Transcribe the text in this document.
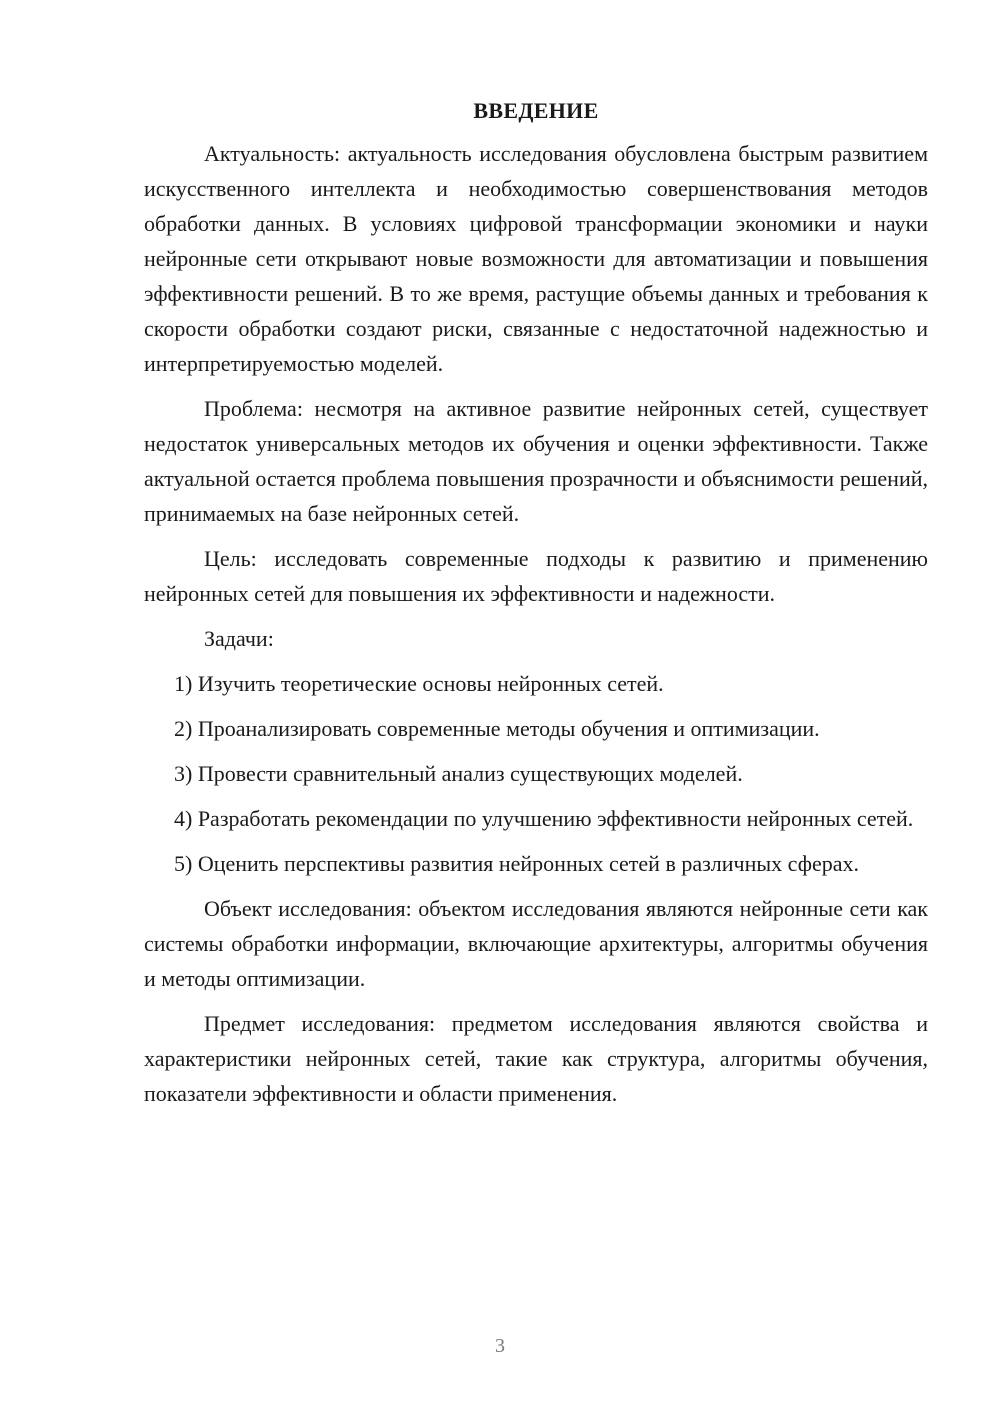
ВВЕДЕНИЕ

Актуальность: актуальность исследования обусловлена быстрым развитием искусственного интеллекта и необходимостью совершенствования методов обработки данных. В условиях цифровой трансформации экономики и науки нейронные сети открывают новые возможности для автоматизации и повышения эффективности решений. В то же время, растущие объемы данных и требования к скорости обработки создают риски, связанные с недостаточной надежностью и интерпретируемостью моделей.

Проблема: несмотря на активное развитие нейронных сетей, существует недостаток универсальных методов их обучения и оценки эффективности. Также актуальной остается проблема повышения прозрачности и объяснимости решений, принимаемых на базе нейронных сетей.

Цель: исследовать современные подходы к развитию и применению нейронных сетей для повышения их эффективности и надежности.

Задачи:

1) Изучить теоретические основы нейронных сетей.

2) Проанализировать современные методы обучения и оптимизации.

3) Провести сравнительный анализ существующих моделей.

4) Разработать рекомендации по улучшению эффективности нейронных сетей.

5) Оценить перспективы развития нейронных сетей в различных сферах.

Объект исследования: объектом исследования являются нейронные сети как системы обработки информации, включающие архитектуры, алгоритмы обучения и методы оптимизации.

Предмет исследования: предметом исследования являются свойства и характеристики нейронных сетей, такие как структура, алгоритмы обучения, показатели эффективности и области применения.

3
